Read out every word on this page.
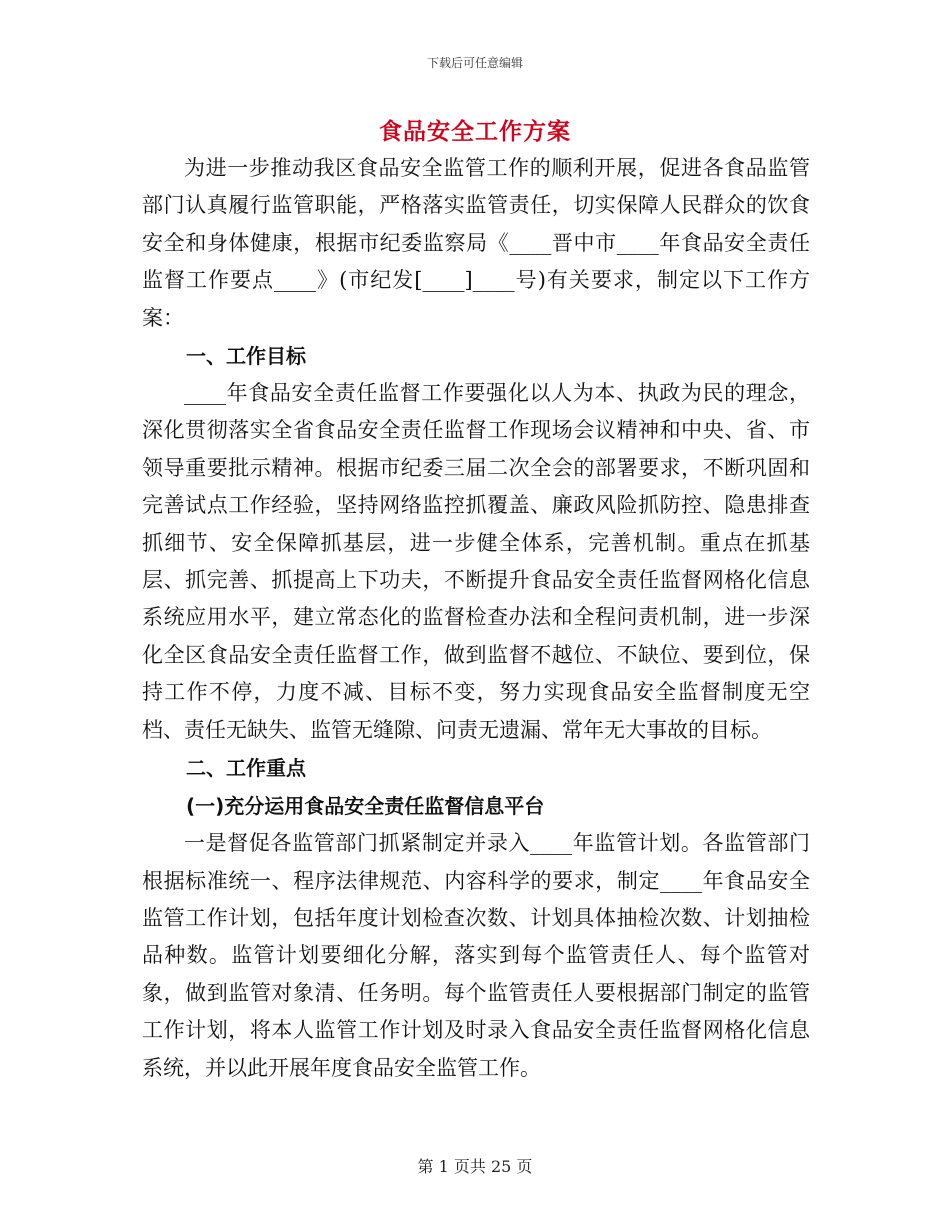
下载后可任意编辑
食品安全工作方案

为进一步推动我区食品安全监管工作的顺利开展，促进各食品监管部门认真履行监管职能，严格落实监管责任，切实保障人民群众的饮食安全和身体健康，根据市纪委监察局《____晋中市____年食品安全责任监督工作要点____》(市纪发[____]____号)有关要求，制定以下工作方案：

一、工作目标

____年食品安全责任监督工作要强化以人为本、执政为民的理念，深化贯彻落实全省食品安全责任监督工作现场会议精神和中央、省、市领导重要批示精神。根据市纪委三届二次全会的部署要求，不断巩固和完善试点工作经验，坚持网络监控抓覆盖、廉政风险抓防控、隐患排查抓细节、安全保障抓基层，进一步健全体系，完善机制。重点在抓基层、抓完善、抓提高上下功夫，不断提升食品安全责任监督网格化信息系统应用水平，建立常态化的监督检查办法和全程问责机制，进一步深化全区食品安全责任监督工作，做到监督不越位、不缺位、要到位，保持工作不停，力度不减、目标不变，努力实现食品安全监督制度无空档、责任无缺失、监管无缝隙、问责无遗漏、常年无大事故的目标。

二、工作重点

(一)充分运用食品安全责任监督信息平台

一是督促各监管部门抓紧制定并录入____年监管计划。各监管部门根据标准统一、程序法律规范、内容科学的要求，制定____年食品安全监管工作计划，包括年度计划检查次数、计划具体抽检次数、计划抽检品种数。监管计划要细化分解，落实到每个监管责任人、每个监管对象，做到监管对象清、任务明。每个监管责任人要根据部门制定的监管工作计划，将本人监管工作计划及时录入食品安全责任监督网格化信息系统，并以此开展年度食品安全监管工作。

第 1 页共 25 页
